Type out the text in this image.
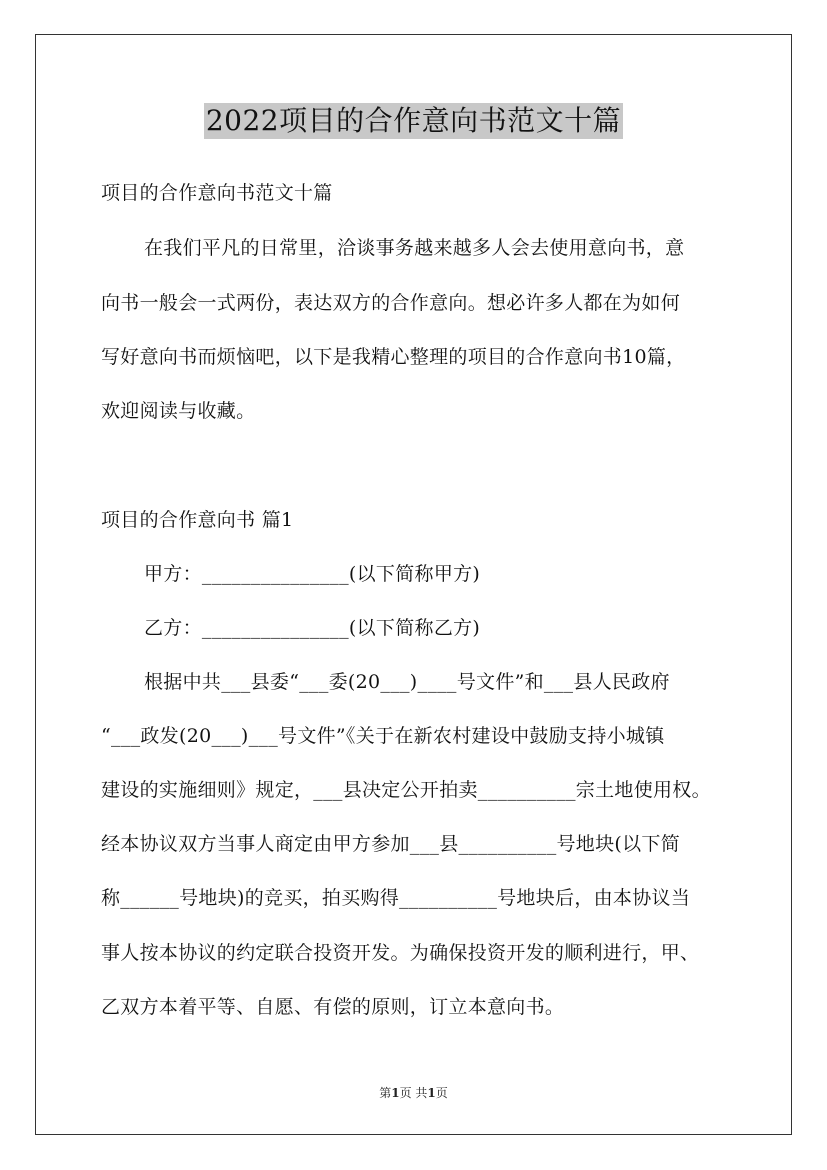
2022项目的合作意向书范文十篇
项目的合作意向书范文十篇
在我们平凡的日常里，洽谈事务越来越多人会去使用意向书，意
向书一般会一式两份，表达双方的合作意向。想必许多人都在为如何
写好意向书而烦恼吧，以下是我精心整理的项目的合作意向书10篇，
欢迎阅读与收藏。
项目的合作意向书 篇1
甲方：_______________(以下简称甲方)
乙方：_______________(以下简称乙方)
根据中共___县委“___委(20___)____号文件”和___县人民政府
“___政发(20___)___号文件”《关于在新农村建设中鼓励支持小城镇
建设的实施细则》规定，___县决定公开拍卖__________宗土地使用权。
经本协议双方当事人商定由甲方参加___县__________号地块(以下简
称______号地块)的竞买，拍买购得__________号地块后，由本协议当
事人按本协议的约定联合投资开发。为确保投资开发的顺利进行，甲、
乙双方本着平等、自愿、有偿的原则，订立本意向书。
第1页 共1页
